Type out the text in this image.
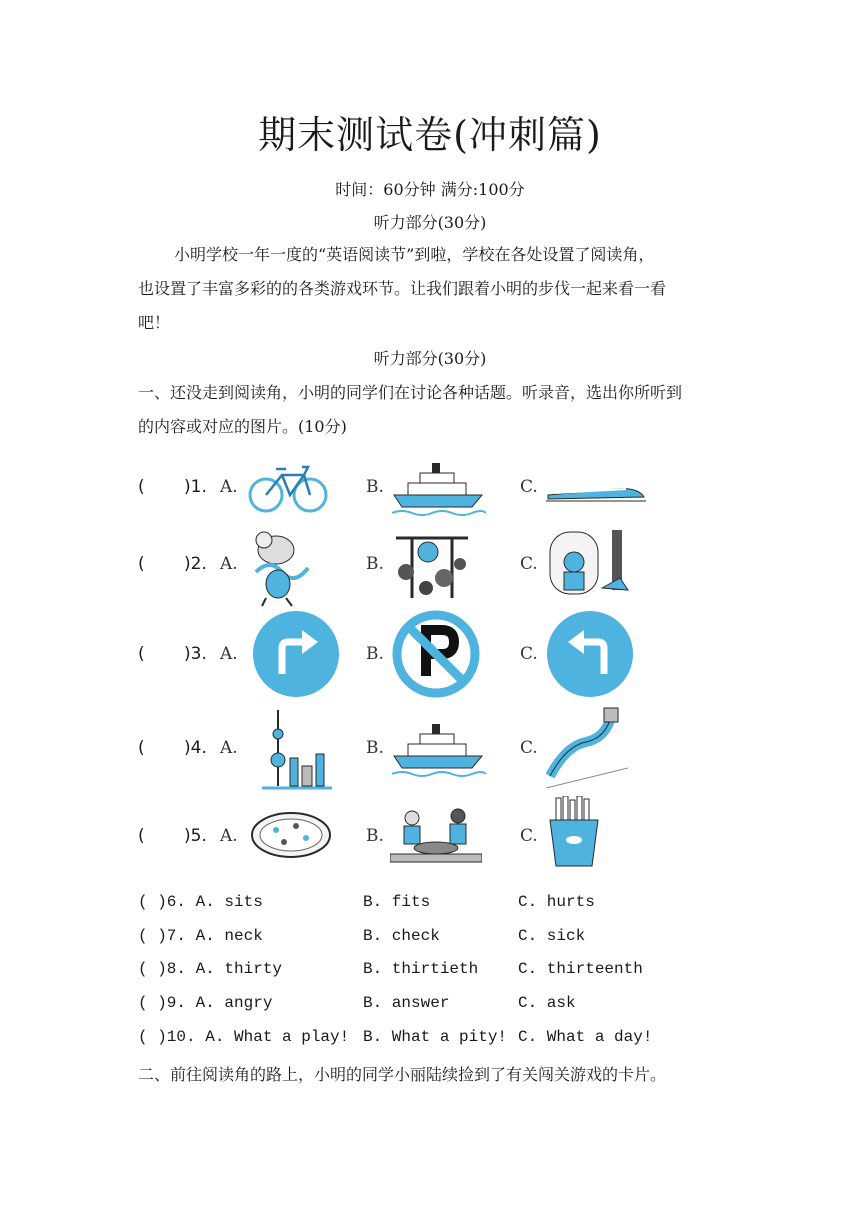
期末测试卷(冲刺篇)
时间：60分钟 满分:100分
听力部分(30分)
小明学校一年一度的“英语阅读节”到啦，学校在各处设置了阅读角，
也设置了丰富多彩的的各类游戏环节。让我们跟着小明的步伐一起来看一看
吧！
听力部分(30分)
一、还没走到阅读角，小明的同学们在讨论各种话题。听录音，选出你所听到
的内容或对应的图片。(10分)
( )1. A.	B.	C.
( )2. A.	B.	C.
( )3. A.	B.	C.
( )4. A.	B.	C.
( )5. A.	B.	C.
( )6. A. sits	B. fits	C. hurts
( )7. A. neck	B. check	C. sick
( )8. A. thirty	B. thirtieth C. thirteenth
( )9. A. angry	B. answer	C. ask
( )10. A. What a play! B. What a pity! C. What a day!
二、前往阅读角的路上，小明的同学小丽陆续捡到了有关闯关游戏的卡片。
